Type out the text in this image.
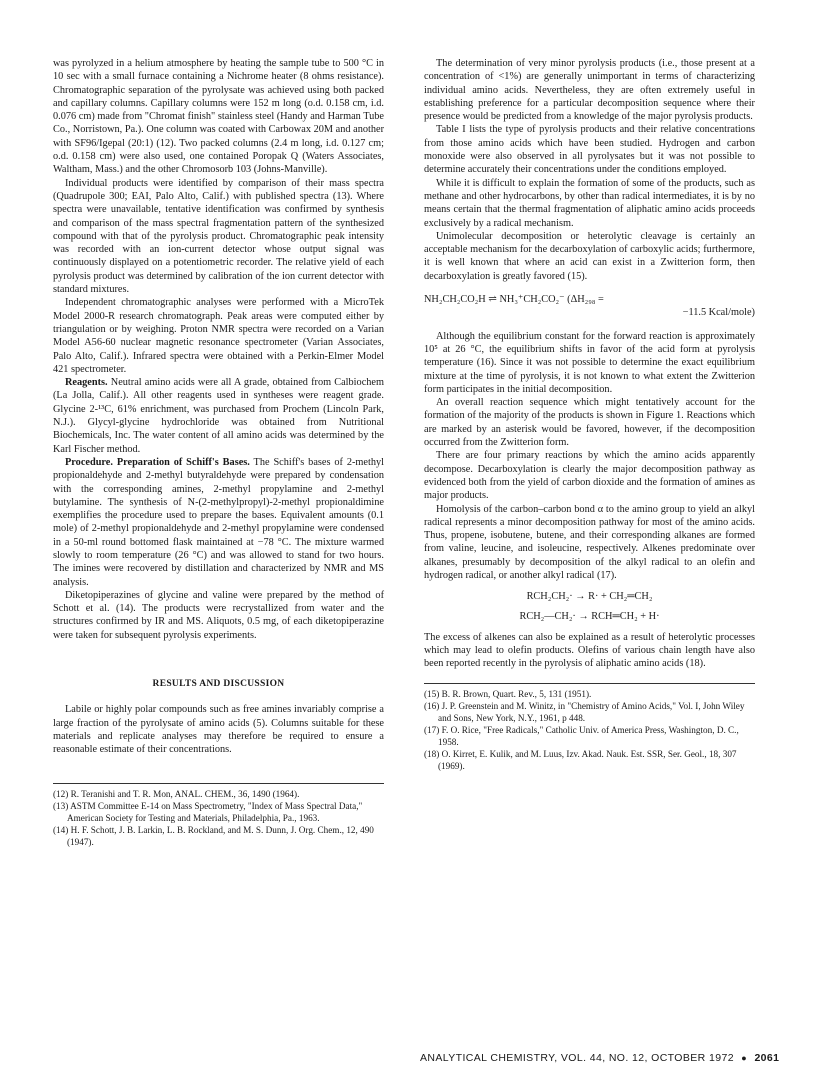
was pyrolyzed in a helium atmosphere by heating the sample tube to 500 °C in 10 sec with a small furnace containing a Nichrome heater (8 ohms resistance). Chromatographic separation of the pyrolysate was achieved using both packed and capillary columns. Capillary columns were 152 m long (o.d. 0.158 cm, i.d. 0.076 cm) made from "Chromat finish" stainless steel (Handy and Harman Tube Co., Norristown, Pa.). One column was coated with Carbowax 20M and another with SF96/Igepal (20:1) (12). Two packed columns (2.4 m long, i.d. 0.127 cm; o.d. 0.158 cm) were also used, one contained Poropak Q (Waters Associates, Waltham, Mass.) and the other Chromosorb 103 (Johns-Manville).

Individual products were identified by comparison of their mass spectra (Quadrupole 300; EAI, Palo Alto, Calif.) with published spectra (13). Where spectra were unavailable, tentative identification was confirmed by synthesis and comparison of the mass spectral fragmentation pattern of the synthesized compound with that of the pyrolysis product. Chromatographic peak intensity was recorded with an ion-current detector whose output signal was continuously displayed on a potentiometric recorder. The relative yield of each pyrolysis product was determined by calibration of the ion current detector with standard mixtures.

Independent chromatographic analyses were performed with a MicroTek Model 2000-R research chromatograph. Peak areas were computed either by triangulation or by weighing. Proton NMR spectra were recorded on a Varian Model A56-60 nuclear magnetic resonance spectrometer (Varian Associates, Palo Alto, Calif.). Infrared spectra were obtained with a Perkin-Elmer Model 421 spectrometer.

Reagents. Neutral amino acids were all A grade, obtained from Calbiochem (La Jolla, Calif.). All other reagents used in syntheses were reagent grade. Glycine 2-¹³C, 61% enrichment, was purchased from Prochem (Lincoln Park, N.J.). Glycyl-glycine hydrochloride was obtained from Nutritional Biochemicals, Inc. The water content of all amino acids was determined by the Karl Fischer method.

Procedure. Preparation of Schiff's Bases. The Schiff's bases of 2-methyl propionaldehyde and 2-methyl butyraldehyde were prepared by condensation with the corresponding amines, 2-methyl propylamine and 2-methyl butylamine. The synthesis of N-(2-methylpropyl)-2-methyl propionaldimine exemplifies the procedure used to prepare the bases. Equivalent amounts (0.1 mole) of 2-methyl propionaldehyde and 2-methyl propylamine were condensed in a 50-ml round bottomed flask maintained at −78 °C. The mixture warmed slowly to room temperature (26 °C) and was allowed to stand for two hours. The imines were recovered by distillation and characterized by NMR and MS analysis.

Diketopiperazines of glycine and valine were prepared by the method of Schott et al. (14). The products were recrystallized from water and the structures confirmed by IR and MS. Aliquots, 0.5 mg, of each diketopiperazine were taken for subsequent pyrolysis experiments.

RESULTS AND DISCUSSION

Labile or highly polar compounds such as free amines invariably comprise a large fraction of the pyrolysate of amino acids (5). Columns suitable for these materials and replicate analyses may therefore be required to ensure a reasonable estimate of their concentrations.

(12) R. Teranishi and T. R. Mon, ANAL. CHEM., 36, 1490 (1964).

(13) ASTM Committee E-14 on Mass Spectrometry, "Index of Mass Spectral Data," American Society for Testing and Materials, Philadelphia, Pa., 1963.

(14) H. F. Schott, J. B. Larkin, L. B. Rockland, and M. S. Dunn, J. Org. Chem., 12, 490 (1947).

The determination of very minor pyrolysis products (i.e., those present at a concentration of <1%) are generally unimportant in terms of characterizing individual amino acids. Nevertheless, they are often extremely useful in establishing preference for a particular decomposition sequence where their presence would be predicted from a knowledge of the major pyrolysis products.

Table I lists the type of pyrolysis products and their relative concentrations from those amino acids which have been studied. Hydrogen and carbon monoxide were also observed in all pyrolysates but it was not possible to determine accurately their concentrations under the conditions employed.

While it is difficult to explain the formation of some of the products, such as methane and other hydrocarbons, by other than radical intermediates, it is by no means certain that the thermal fragmentation of aliphatic amino acids proceeds exclusively by a radical mechanism.

Unimolecular decomposition or heterolytic cleavage is certainly an acceptable mechanism for the decarboxylation of carboxylic acids; furthermore, it is well known that where an acid can exist in a Zwitterion form, then decarboxylation is greatly favored (15).

NH₂CH₂CO₂H ⇌ NH₃⁺CH₂CO₂⁻ (ΔH₂₉₈ =
−11.5 Kcal/mole)

Although the equilibrium constant for the forward reaction is approximately 10⁵ at 26 °C, the equilibrium shifts in favor of the acid form at pyrolysis temperature (16). Since it was not possible to determine the exact equilibrium mixture at the time of pyrolysis, it is not known to what extent the Zwitterion form participates in the initial decomposition.

An overall reaction sequence which might tentatively account for the formation of the majority of the products is shown in Figure 1. Reactions which are marked by an asterisk would be favored, however, if the decomposition occurred from the Zwitterion form.

There are four primary reactions by which the amino acids apparently decompose. Decarboxylation is clearly the major decomposition pathway as evidenced both from the yield of carbon dioxide and the formation of amines as major products.

Homolysis of the carbon–carbon bond α to the amino group to yield an alkyl radical represents a minor decomposition pathway for most of the amino acids. Thus, propene, isobutene, butene, and their corresponding alkanes are formed from valine, leucine, and isoleucine, respectively. Alkenes predominate over alkanes, presumably by decomposition of the alkyl radical to an olefin and hydrogen radical, or another alkyl radical (17).

RCH₂CH₂· → R· + CH₂═CH₂
RCH₂—CH₂· → RCH═CH₂ + H·

The excess of alkenes can also be explained as a result of heterolytic processes which may lead to olefin products. Olefins of various chain length have also been reported recently in the pyrolysis of aliphatic amino acids (18).

(15) B. R. Brown, Quart. Rev., 5, 131 (1951).

(16) J. P. Greenstein and M. Winitz, in "Chemistry of Amino Acids," Vol. I, John Wiley and Sons, New York, N.Y., 1961, p 448.

(17) F. O. Rice, "Free Radicals," Catholic Univ. of America Press, Washington, D. C., 1958.

(18) O. Kirret, E. Kulik, and M. Luus, Izv. Akad. Nauk. Est. SSR, Ser. Geol., 18, 307 (1969).

ANALYTICAL CHEMISTRY, VOL. 44, NO. 12, OCTOBER 1972 ● 2061
